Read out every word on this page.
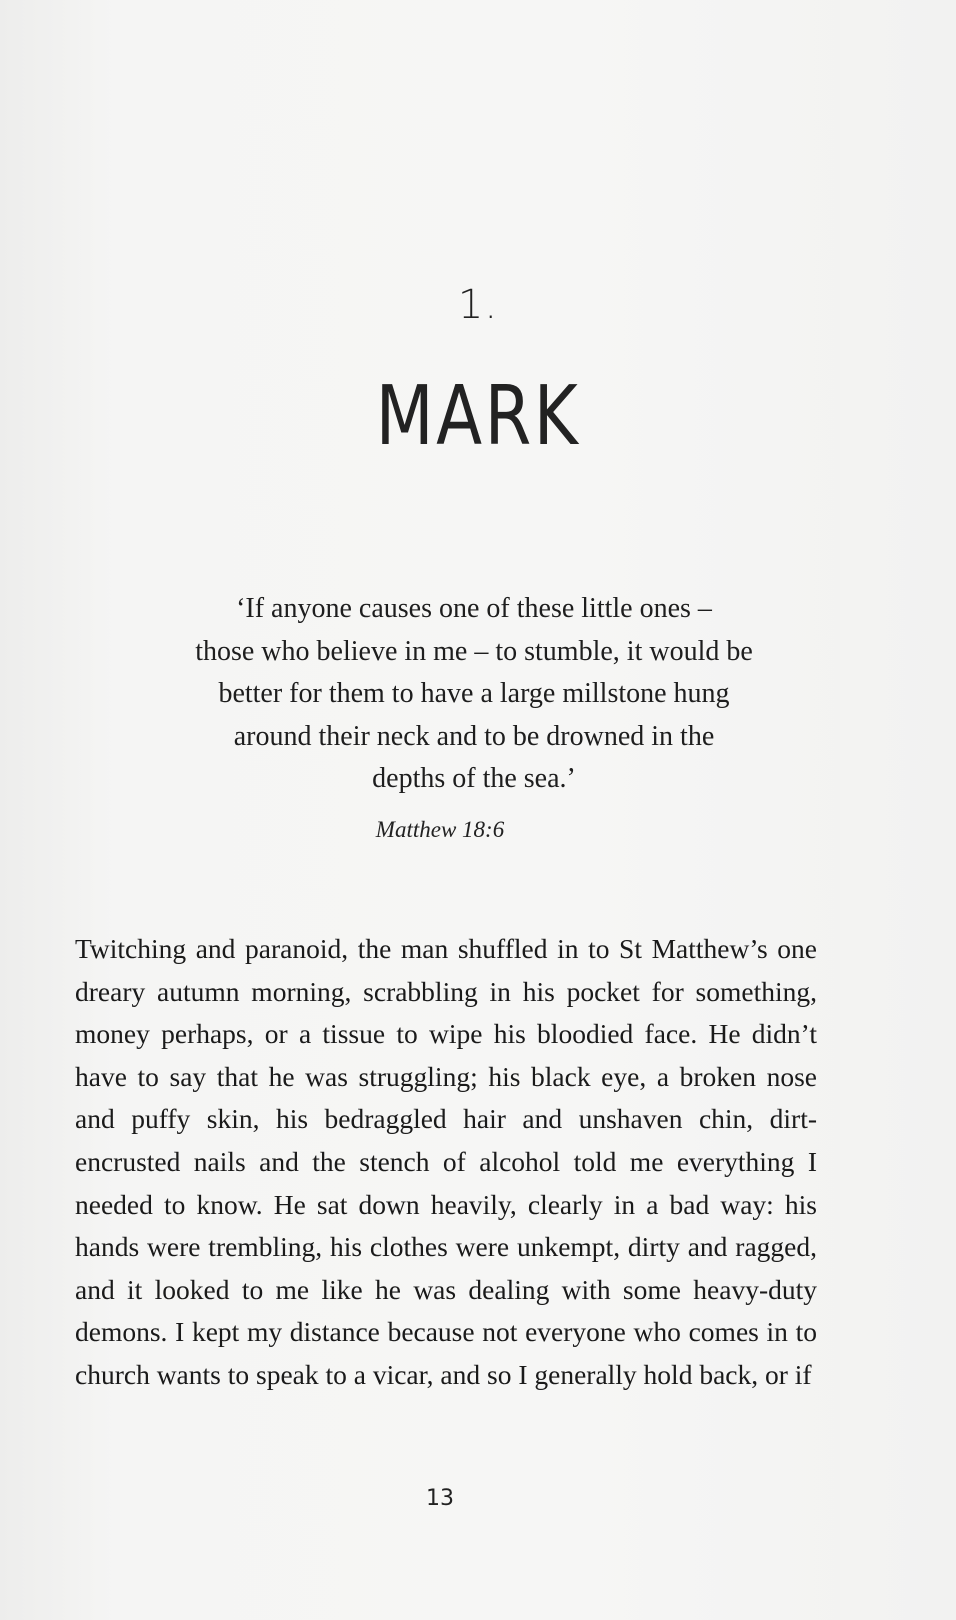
1.
MARK
‘If anyone causes one of these little ones –
those who believe in me – to stumble, it would be
better for them to have a large millstone hung
around their neck and to be drowned in the
depths of the sea.’
Matthew 18:6

Twitching and paranoid, the man shuffled in to St Matthew’s one dreary autumn morning, scrabbling in his pocket for something, money perhaps, or a tissue to wipe his bloodied face. He didn’t have to say that he was struggling; his black eye, a broken nose and puffy skin, his bedraggled hair and unshaven chin, dirt-encrusted nails and the stench of alcohol told me everything I needed to know. He sat down heavily, clearly in a bad way: his hands were trembling, his clothes were unkempt, dirty and ragged, and it looked to me like he was dealing with some heavy-duty demons. I kept my distance because not everyone who comes in to church wants to speak to a vicar, and so I generally hold back, or if

13
